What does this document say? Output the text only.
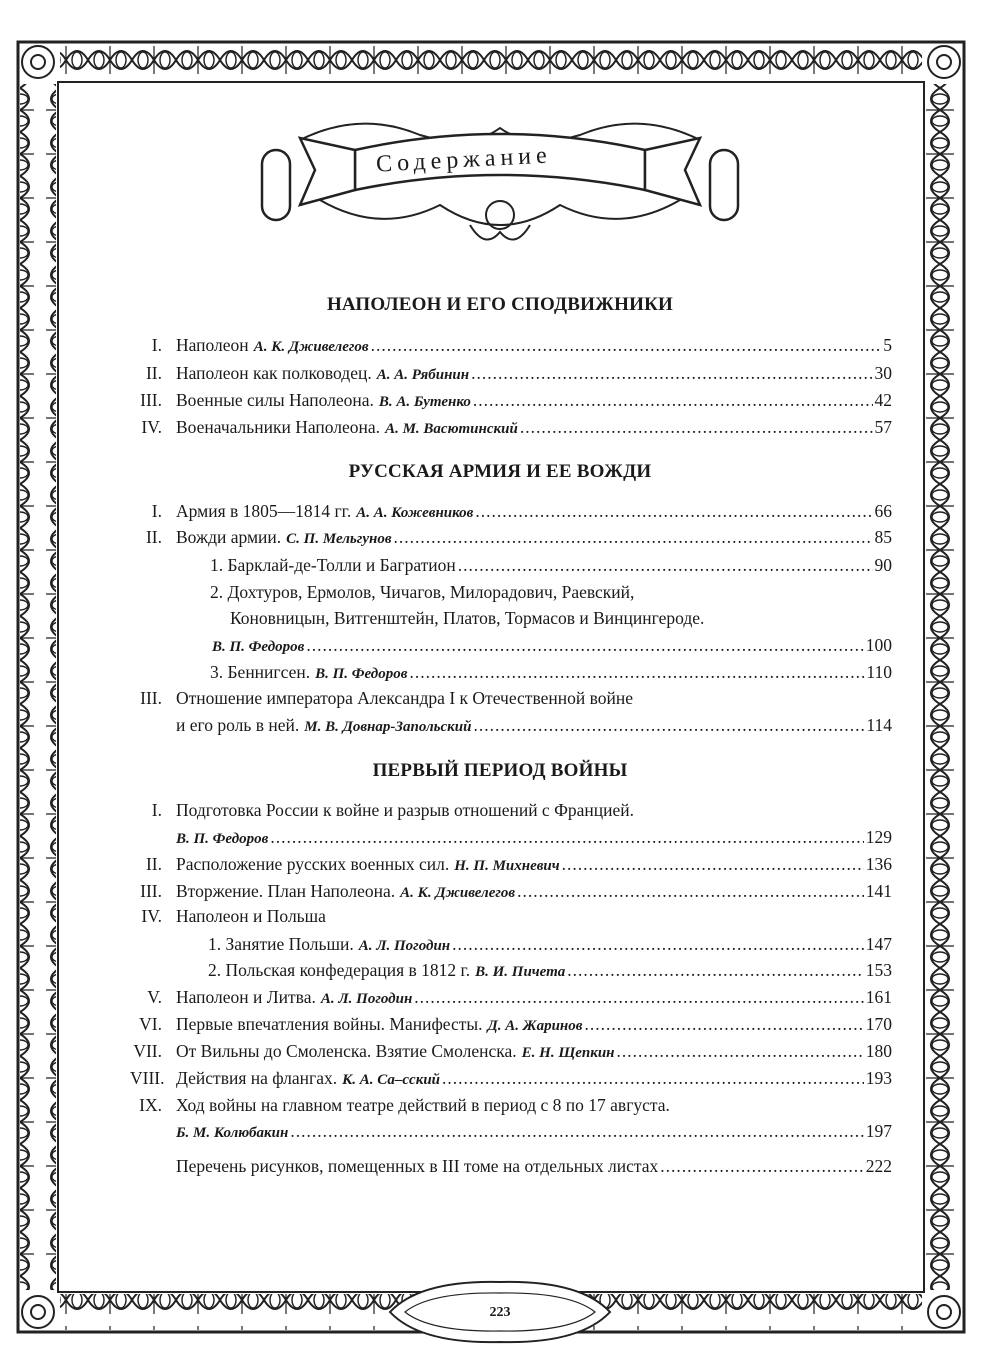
Содержание
НАПОЛЕОН И ЕГО СПОДВИЖНИКИ
РУССКАЯ АРМИЯ И ЕЕ ВОЖДИ
ПЕРВЫЙ ПЕРИОД ВОЙНЫ
I. Наполеон А. К. Дживелегов .....	5
II. Наполеон как полководец. А. А. Рябинин .....	30
III. Военные силы Наполеона. В. А. Бутенко .....	42
IV. Военачальники Наполеона. А. М. Васютинский .....	57
I. Армия в 1805—1814 гг. А. А. Кожевников .....	66
II. Вожди армии. С. П. Мельгунов .....	85
1. Барклай-де-Толли и Багратион .....	90
2. Дохтуров, Ермолов, Чичагов, Милорадович, Раевский,
Коновницын, Витгенштейн, Платов, Тормасов и Винцингероде.
В. П. Федоров .....	100
3. Беннигсен. В. П. Федоров .....	110
III. Отношение императора Александра I к Отечественной войне
и его роль в ней. М. В. Довнар-Запольский .....	114
I. Подготовка России к войне и разрыв отношений с Францией.
В. П. Федоров .....	129
II. Расположение русских военных сил. Н. П. Михневич .....	136
III. Вторжение. План Наполеона. А. К. Дживелегов .....	141
IV. Наполеон и Польша
1. Занятие Польши. А. Л. Погодин .....	147
2. Польская конфедерация в 1812 г. В. И. Пичета .....	153
V. Наполеон и Литва. А. Л. Погодин .....	161
VI. Первые впечатления войны. Манифесты. Д. А. Жаринов .....	170
VII. От Вильны до Смоленска. Взятие Смоленска. Е. Н. Щепкин .....	180
VIII. Действия на флангах. К. А. Са–сский .....	193
IX. Ход войны на главном театре действий в период с 8 по 17 августа.
Б. М. Колюбакин .....	197
Перечень рисунков, помещенных в III томе на отдельных листах .....	222
223
